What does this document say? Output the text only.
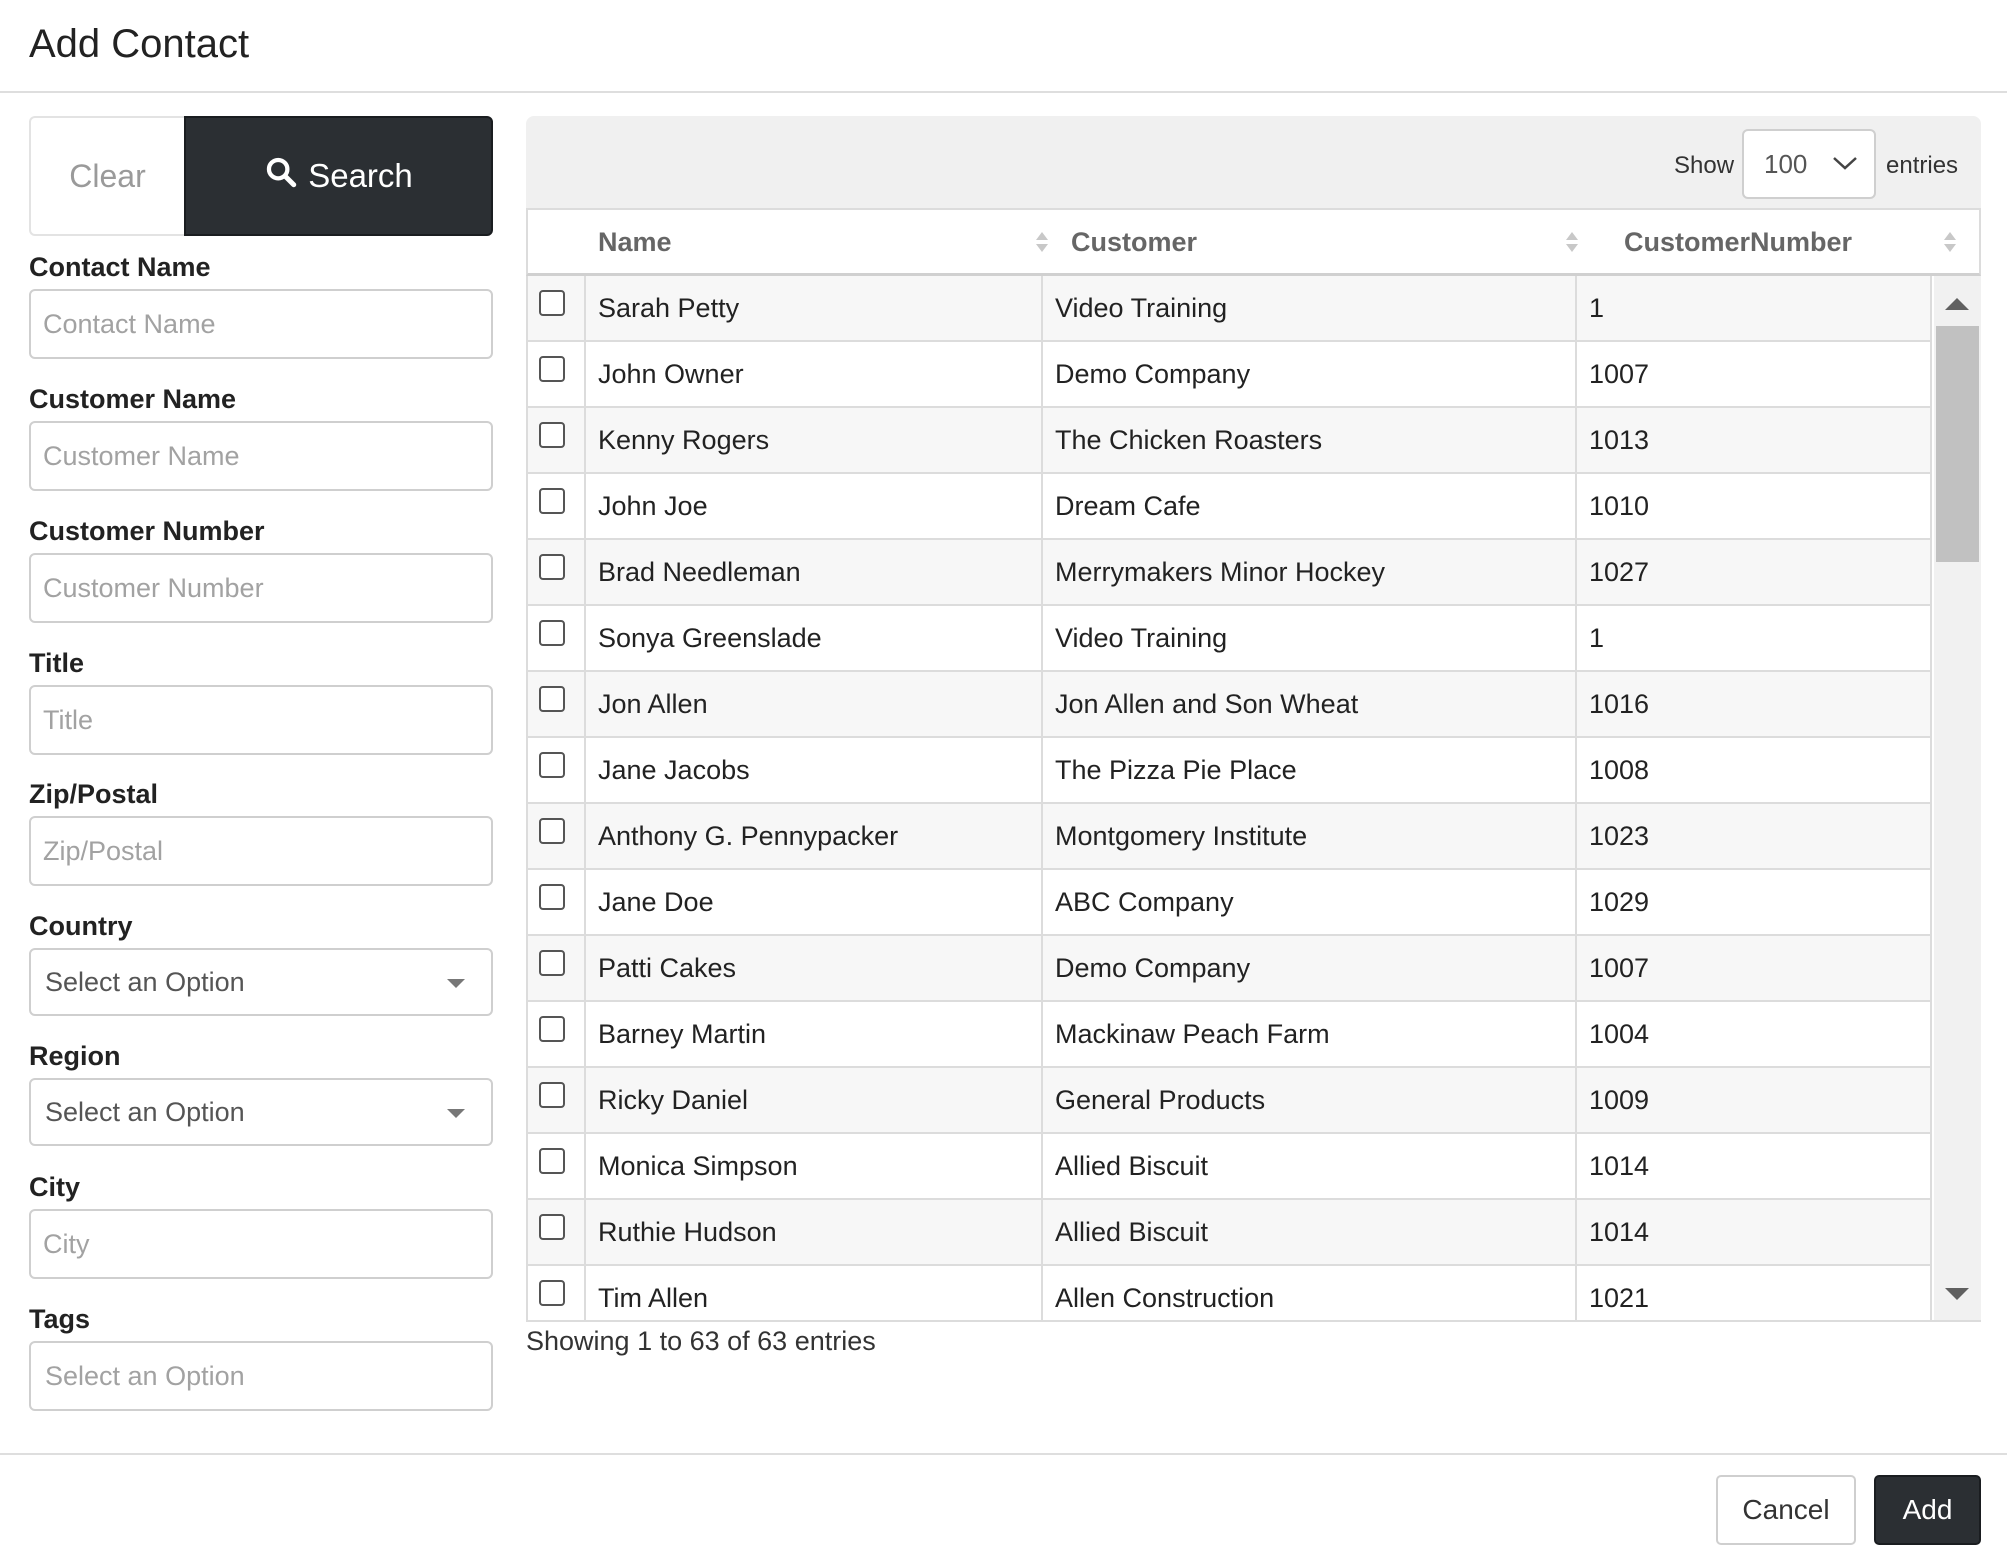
Add Contact
Clear	Search
Contact Name
Contact Name
Customer Name
Customer Name
Customer Number
Customer Number
Title
Title
Zip/Postal
Zip/Postal
Country
Select an Option
Region
Select an Option
City
City
Tags
Select an Option
Show 100	entries
Name	Customer	CustomerNumber
Sarah Petty	Video Training	1
John Owner	Demo Company	1007
Kenny Rogers	The Chicken Roasters	1013
John Joe	Dream Cafe	1010
Brad Needleman	Merrymakers Minor Hockey	1027
Sonya Greenslade	Video Training	1
Jon Allen	Jon Allen and Son Wheat	1016
Jane Jacobs	The Pizza Pie Place	1008
Anthony G. Pennypacker	Montgomery Institute	1023
Jane Doe	ABC Company	1029
Patti Cakes	Demo Company	1007
Barney Martin	Mackinaw Peach Farm	1004
Ricky Daniel	General Products	1009
Monica Simpson	Allied Biscuit	1014
Ruthie Hudson	Allied Biscuit	1014
Tim Allen	Allen Construction	1021
Showing 1 to 63 of 63 entries
Cancel	Add
